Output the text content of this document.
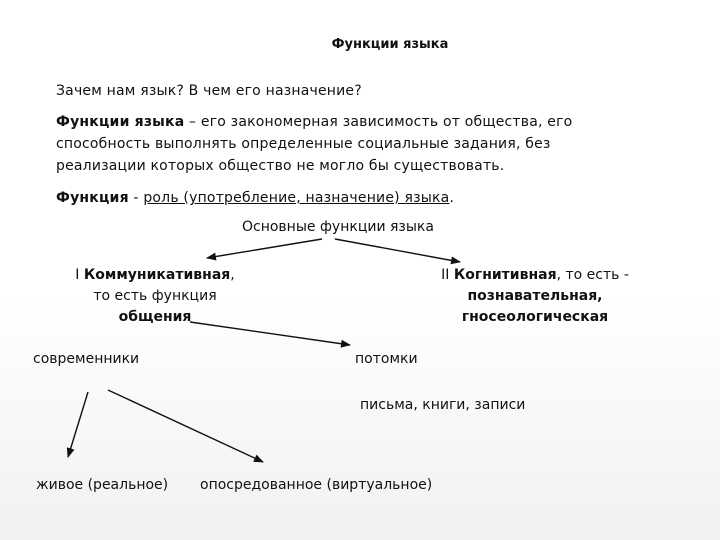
Функции языка
Зачем нам язык? В чем его назначение?
Функции языка – его закономерная зависимость от общества, его способность выполнять определенные социальные задания, без реализации которых общество не могло бы существовать.
Функция - роль (употребление, назначение) языка.
Основные функции языка
I Коммуникативная,
то есть функция
общения
II Когнитивная, то есть -
познавательная,
гносеологическая
современники	потомки
письма, книги, записи
живое (реальное) опосредованное (виртуальное)
